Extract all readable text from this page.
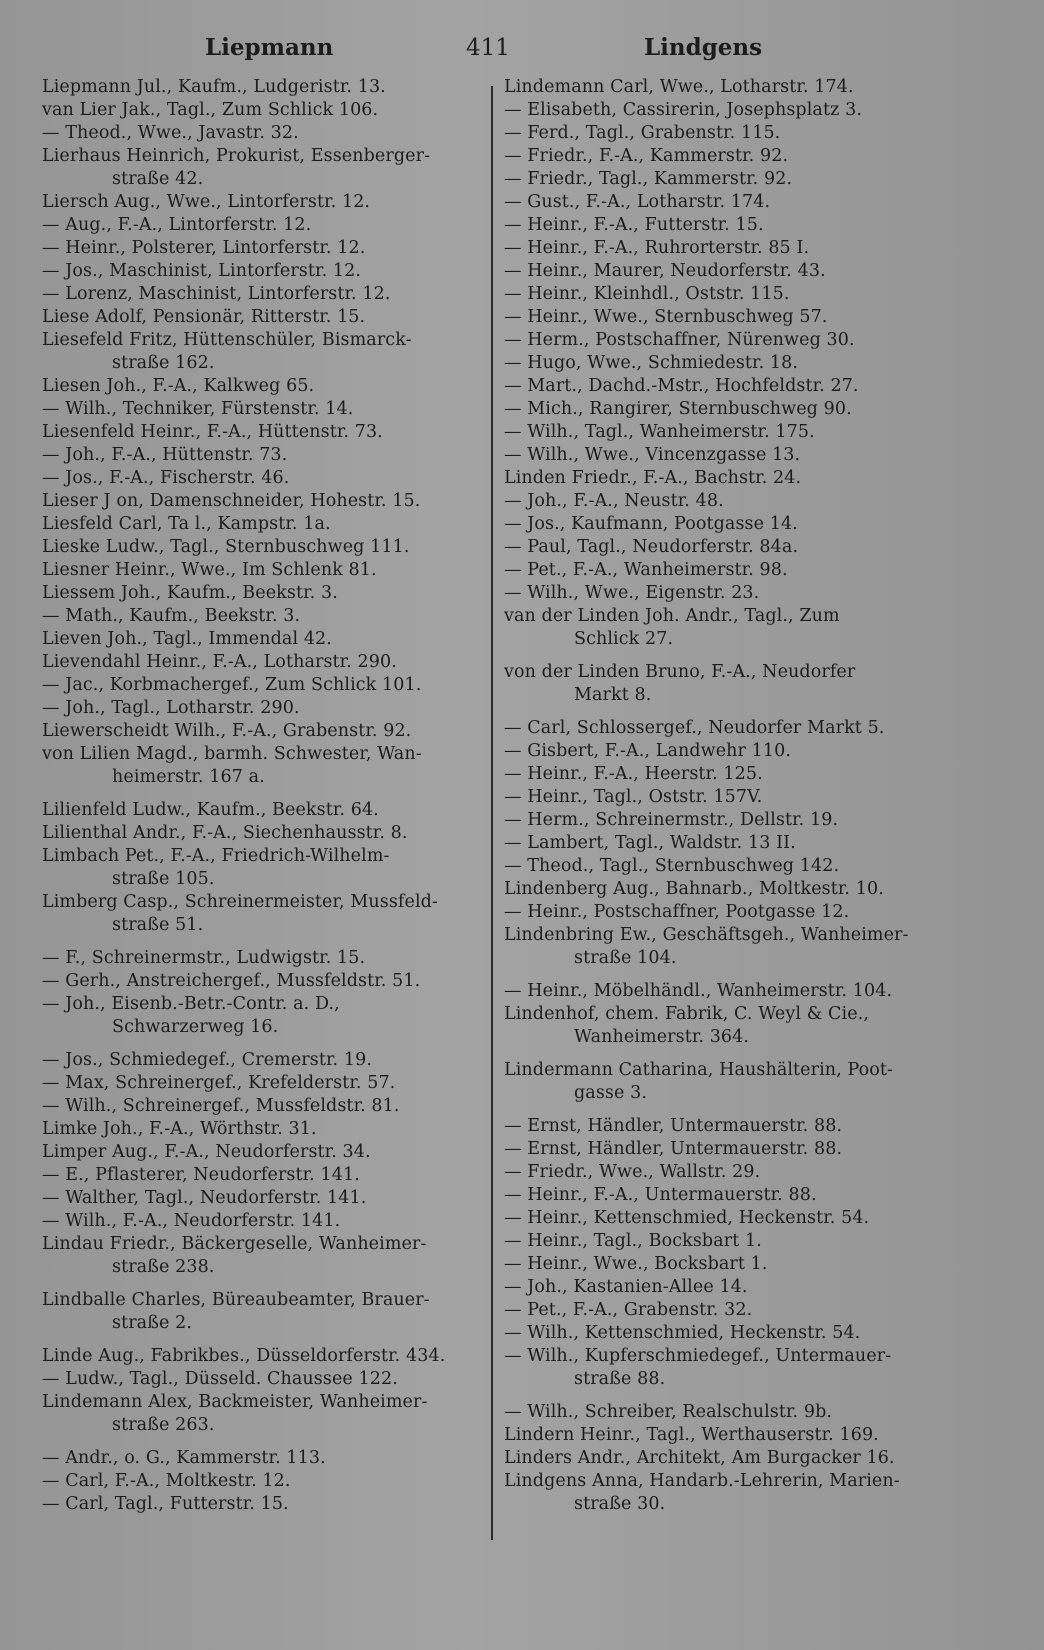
Liepmann	411	Lindgens
Liepmann Jul., Kaufm., Ludgeristr. 13.
van Lier Jak., Tagl., Zum Schlick 106.
— Theod., Wwe., Javastr. 32.
Lierhaus Heinrich, Prokurist, Essenberger-
straße 42.
Liersch Aug., Wwe., Lintorferstr. 12.
— Aug., F.-A., Lintorferstr. 12.
— Heinr., Polsterer, Lintorferstr. 12.
— Jos., Maschinist, Lintorferstr. 12.
— Lorenz, Maschinist, Lintorferstr. 12.
Liese Adolf, Pensionär, Ritterstr. 15.
Liesefeld Fritz, Hüttenschüler, Bismarck-
straße 162.
Liesen Joh., F.-A., Kalkweg 65.
— Wilh., Techniker, Fürstenstr. 14.
Liesenfeld Heinr., F.-A., Hüttenstr. 73.
— Joh., F.-A., Hüttenstr. 73.
— Jos., F.-A., Fischerstr. 46.
Lieser J on, Damenschneider, Hohestr. 15.
Liesfeld Carl, Ta l., Kampstr. 1a.
Lieske Ludw., Tagl., Sternbuschweg 111.
Liesner Heinr., Wwe., Im Schlenk 81.
Liessem Joh., Kaufm., Beekstr. 3.
— Math., Kaufm., Beekstr. 3.
Lieven Joh., Tagl., Immendal 42.
Lievendahl Heinr., F.-A., Lotharstr. 290.
— Jac., Korbmachergef., Zum Schlick 101.
— Joh., Tagl., Lotharstr. 290.
Liewerscheidt Wilh., F.-A., Grabenstr. 92.
von Lilien Magd., barmh. Schwester, Wan-
heimerstr. 167 a.
Lilienfeld Ludw., Kaufm., Beekstr. 64.
Lilienthal Andr., F.-A., Siechenhausstr. 8.
Limbach Pet., F.-A., Friedrich-Wilhelm-
straße 105.
Limberg Casp., Schreinermeister, Mussfeld-
straße 51.
— F., Schreinermstr., Ludwigstr. 15.
— Gerh., Anstreichergef., Mussfeldstr. 51.
— Joh., Eisenb.-Betr.-Contr. a. D.,
Schwarzerweg 16.
— Jos., Schmiedegef., Cremerstr. 19.
— Max, Schreinergef., Krefelderstr. 57.
— Wilh., Schreinergef., Mussfeldstr. 81.
Limke Joh., F.-A., Wörthstr. 31.
Limper Aug., F.-A., Neudorferstr. 34.
— E., Pflasterer, Neudorferstr. 141.
— Walther, Tagl., Neudorferstr. 141.
— Wilh., F.-A., Neudorferstr. 141.
Lindau Friedr., Bäckergeselle, Wanheimer-
straße 238.
Lindballe Charles, Büreaubeamter, Brauer-
straße 2.
Linde Aug., Fabrikbes., Düsseldorferstr. 434.
— Ludw., Tagl., Düsseld. Chaussee 122.
Lindemann Alex, Backmeister, Wanheimer-
straße 263.
— Andr., o. G., Kammerstr. 113.
— Carl, F.-A., Moltkestr. 12.
— Carl, Tagl., Futterstr. 15.
Lindemann Carl, Wwe., Lotharstr. 174.
— Elisabeth, Cassirerin, Josephsplatz 3.
— Ferd., Tagl., Grabenstr. 115.
— Friedr., F.-A., Kammerstr. 92.
— Friedr., Tagl., Kammerstr. 92.
— Gust., F.-A., Lotharstr. 174.
— Heinr., F.-A., Futterstr. 15.
— Heinr., F.-A., Ruhrorterstr. 85 I.
— Heinr., Maurer, Neudorferstr. 43.
— Heinr., Kleinhdl., Oststr. 115.
— Heinr., Wwe., Sternbuschweg 57.
— Herm., Postschaffner, Nürenweg 30.
— Hugo, Wwe., Schmiedestr. 18.
— Mart., Dachd.-Mstr., Hochfeldstr. 27.
— Mich., Rangirer, Sternbuschweg 90.
— Wilh., Tagl., Wanheimerstr. 175.
— Wilh., Wwe., Vincenzgasse 13.
Linden Friedr., F.-A., Bachstr. 24.
— Joh., F.-A., Neustr. 48.
— Jos., Kaufmann, Pootgasse 14.
— Paul, Tagl., Neudorferstr. 84a.
— Pet., F.-A., Wanheimerstr. 98.
— Wilh., Wwe., Eigenstr. 23.
van der Linden Joh. Andr., Tagl., Zum
Schlick 27.
von der Linden Bruno, F.-A., Neudorfer
Markt 8.
— Carl, Schlossergef., Neudorfer Markt 5.
— Gisbert, F.-A., Landwehr 110.
— Heinr., F.-A., Heerstr. 125.
— Heinr., Tagl., Oststr. 157V.
— Herm., Schreinermstr., Dellstr. 19.
— Lambert, Tagl., Waldstr. 13 II.
— Theod., Tagl., Sternbuschweg 142.
Lindenberg Aug., Bahnarb., Moltkestr. 10.
— Heinr., Postschaffner, Pootgasse 12.
Lindenbring Ew., Geschäftsgeh., Wanheimer-
straße 104.
— Heinr., Möbelhändl., Wanheimerstr. 104.
Lindenhof, chem. Fabrik, C. Weyl & Cie.,
Wanheimerstr. 364.
Lindermann Catharina, Haushälterin, Poot-
gasse 3.
— Ernst, Händler, Untermauerstr. 88.
— Ernst, Händler, Untermauerstr. 88.
— Friedr., Wwe., Wallstr. 29.
— Heinr., F.-A., Untermauerstr. 88.
— Heinr., Kettenschmied, Heckenstr. 54.
— Heinr., Tagl., Bocksbart 1.
— Heinr., Wwe., Bocksbart 1.
— Joh., Kastanien-Allee 14.
— Pet., F.-A., Grabenstr. 32.
— Wilh., Kettenschmied, Heckenstr. 54.
— Wilh., Kupferschmiedegef., Untermauer-
straße 88.
— Wilh., Schreiber, Realschulstr. 9b.
Lindern Heinr., Tagl., Werthauserstr. 169.
Linders Andr., Architekt, Am Burgacker 16.
Lindgens Anna, Handarb.-Lehrerin, Marien-
straße 30.
